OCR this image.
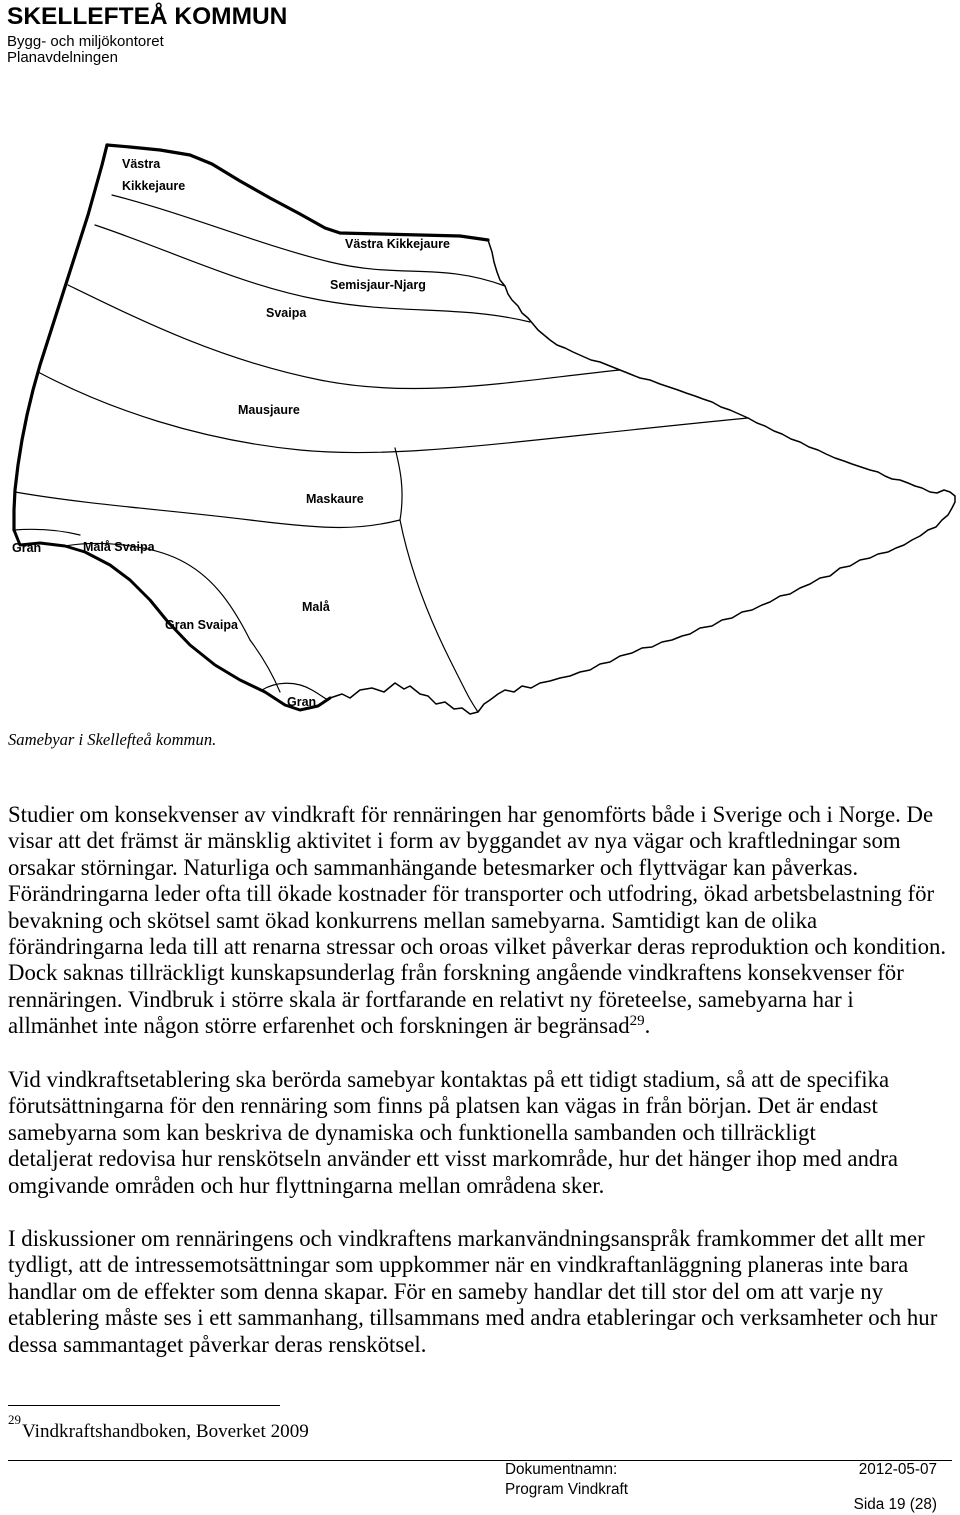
SKELLEFTEÅ KOMMUN
Bygg- och miljökontoret
Planavdelningen
Västra
Kikkejaure
Västra Kikkejaure
Semisjaur-Njarg
Svaipa
Mausjaure
Maskaure
Gran	Malå Svaipa
Malå
Gran Svaipa
Gran
Samebyar i Skellefteå kommun.
Studier om konsekvenser av vindkraft för rennäringen har genomförts både i Sverige och i Norge. De
visar att det främst är mänsklig aktivitet i form av byggandet av nya vägar och kraftledningar som
orsakar störningar. Naturliga och sammanhängande betesmarker och flyttvägar kan påverkas.
Förändringarna leder ofta till ökade kostnader för transporter och utfodring, ökad arbetsbelastning för
bevakning och skötsel samt ökad konkurrens mellan samebyarna. Samtidigt kan de olika
förändringarna leda till att renarna stressar och oroas vilket påverkar deras reproduktion och kondition.
Dock saknas tillräckligt kunskapsunderlag från forskning angående vindkraftens konsekvenser för
rennäringen. Vindbruk i större skala är fortfarande en relativt ny företeelse, samebyarna har i
allmänhet inte någon större erfarenhet och forskningen är begränsad$^{29}$.
Vid vindkraftsetablering ska berörda samebyar kontaktas på ett tidigt stadium, så att de specifika
förutsättningarna för den rennäring som finns på platsen kan vägas in från början. Det är endast
samebyarna som kan beskriva de dynamiska och funktionella sambanden och tillräckligt
detaljerat redovisa hur renskötseln använder ett visst markområde, hur det hänger ihop med andra
omgivande områden och hur flyttningarna mellan områdena sker.
I diskussioner om rennäringens och vindkraftens markanvändningsanspråk framkommer det allt mer
tydligt, att de intressemotsättningar som uppkommer när en vindkraftanläggning planeras inte bara
handlar om de effekter som denna skapar. För en sameby handlar det till stor del om att varje ny
etablering måste ses i ett sammanhang, tillsammans med andra etableringar och verksamheter och hur
dessa sammantaget påverkar deras renskötsel.
29
Vindkraftshandboken, Boverket 2009
Dokumentnamn:	2012-05-07
Program Vindkraft
Sida 19 (28)
